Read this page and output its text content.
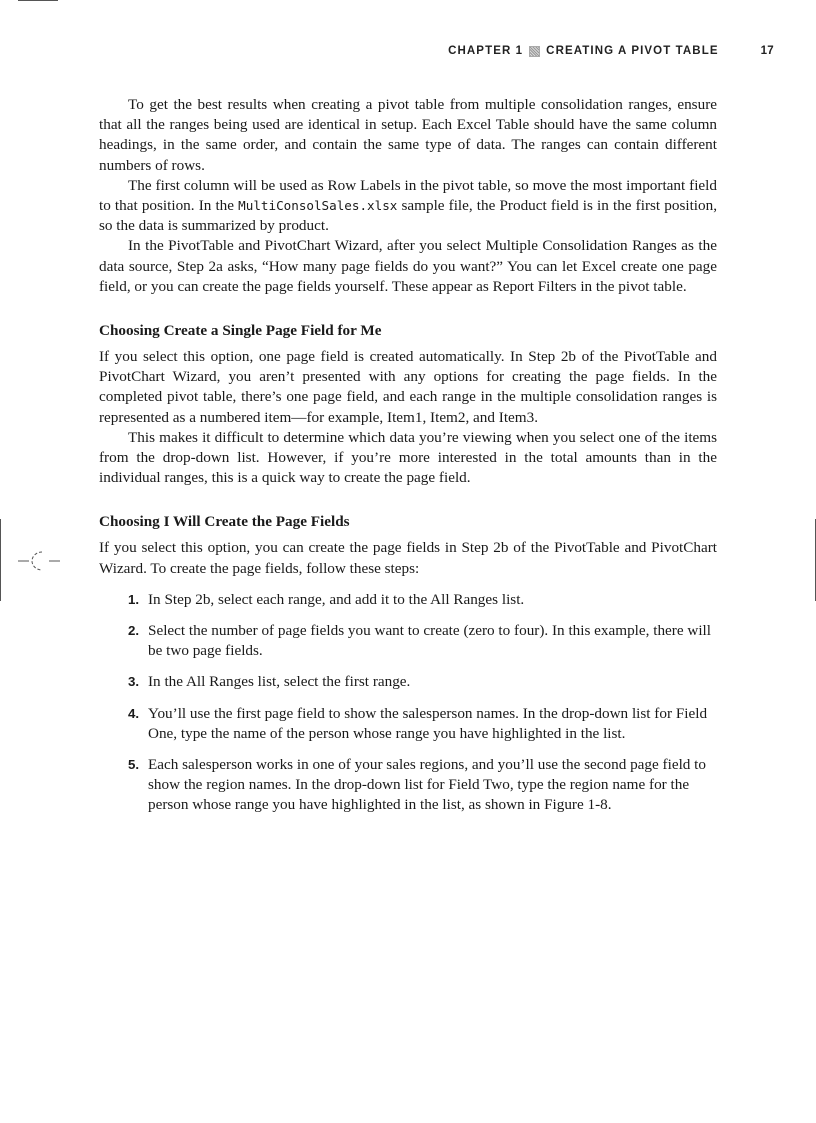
CHAPTER 1 CREATING A PIVOT TABLE	17

To get the best results when creating a pivot table from multiple consolidation ranges, ensure that all the ranges being used are identical in setup. Each Excel Table should have the same column headings, in the same order, and contain the same type of data. The ranges can contain different numbers of rows.

The first column will be used as Row Labels in the pivot table, so move the most important field to that position. In the MultiConsolSales.xlsx sample file, the Product field is in the first position, so the data is summarized by product.

In the PivotTable and PivotChart Wizard, after you select Multiple Consolidation Ranges as the data source, Step 2a asks, “How many page fields do you want?” You can let Excel create one page field, or you can create the page fields yourself. These appear as Report Filters in the pivot table.

Choosing Create a Single Page Field for Me

If you select this option, one page field is created automatically. In Step 2b of the PivotTable and PivotChart Wizard, you aren’t presented with any options for creating the page fields. In the completed pivot table, there’s one page field, and each range in the multiple consolidation ranges is represented as a numbered item—for example, Item1, Item2, and Item3.

This makes it difficult to determine which data you’re viewing when you select one of the items from the drop-down list. However, if you’re more interested in the total amounts than in the individual ranges, this is a quick way to create the page field.

Choosing I Will Create the Page Fields

If you select this option, you can create the page fields in Step 2b of the PivotTable and PivotChart Wizard. To create the page fields, follow these steps:

1. In Step 2b, select each range, and add it to the All Ranges list.
2. Select the number of page fields you want to create (zero to four). In this example, there will be two page fields.
3. In the All Ranges list, select the first range.
4. You’ll use the first page field to show the salesperson names. In the drop-down list for Field One, type the name of the person whose range you have highlighted in the list.
5. Each salesperson works in one of your sales regions, and you’ll use the second page field to show the region names. In the drop-down list for Field Two, type the region name for the person whose range you have highlighted in the list, as shown in Figure 1-8.
